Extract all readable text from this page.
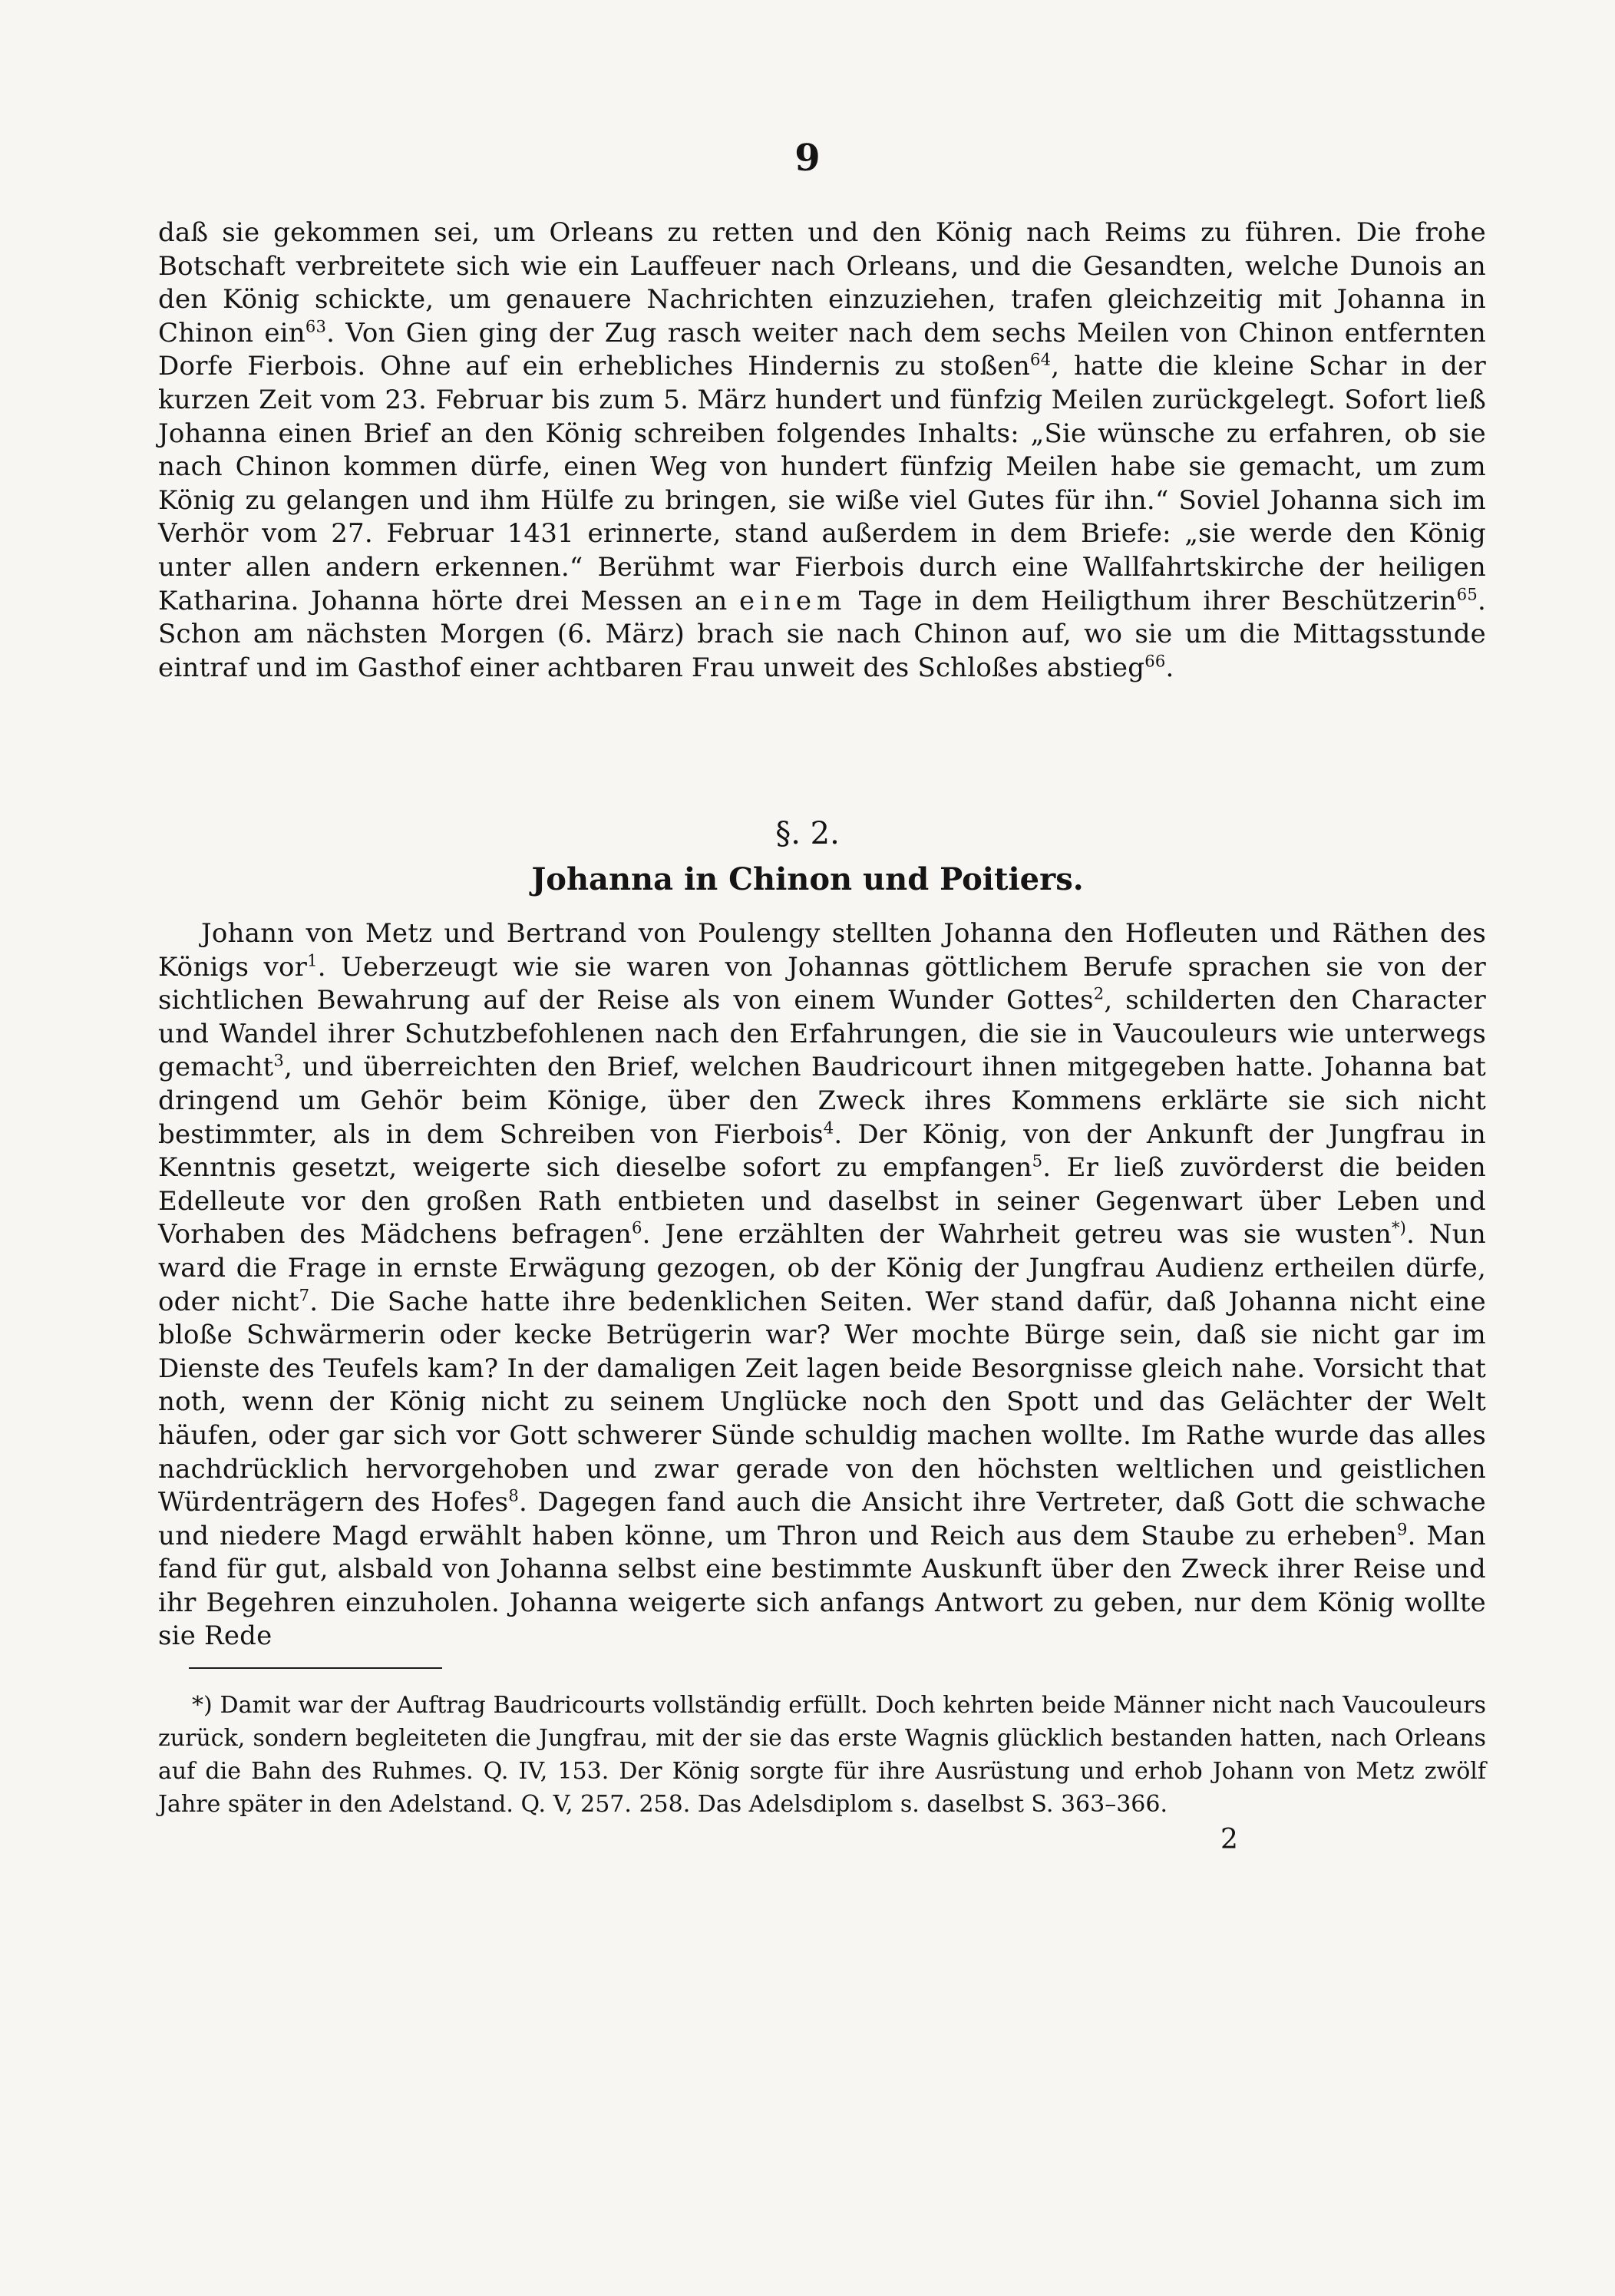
9

daß sie gekommen sei, um Orleans zu retten und den König nach Reims zu führen. Die frohe Botschaft verbreitete sich wie ein Lauffeuer nach Orleans, und die Gesandten, welche Dunois an den König schickte, um genauere Nachrichten einzuziehen, trafen gleichzeitig mit Johanna in Chinon ein$^{63}$. Von Gien ging der Zug rasch weiter nach dem sechs Meilen von Chinon entfernten Dorfe Fierbois. Ohne auf ein erhebliches Hindernis zu stoßen$^{64}$, hatte die kleine Schar in der kurzen Zeit vom 23. Februar bis zum 5. März hundert und fünfzig Meilen zurückgelegt. Sofort ließ Johanna einen Brief an den König schreiben folgendes Inhalts: „Sie wünsche zu erfahren, ob sie nach Chinon kommen dürfe, einen Weg von hundert fünfzig Meilen habe sie gemacht, um zum König zu gelangen und ihm Hülfe zu bringen, sie wiße viel Gutes für ihn.“ Soviel Johanna sich im Verhör vom 27. Februar 1431 erinnerte, stand außerdem in dem Briefe: „sie werde den König unter allen andern erkennen.“ Berühmt war Fierbois durch eine Wallfahrtskirche der heiligen Katharina. Johanna hörte drei Messen an einem Tage in dem Heiligthum ihrer Beschützerin$^{65}$. Schon am nächsten Morgen (6. März) brach sie nach Chinon auf, wo sie um die Mittagsstunde eintraf und im Gasthof einer achtbaren Frau unweit des Schloßes abstieg$^{66}$.

§. 2.

Johanna in Chinon und Poitiers.

Johann von Metz und Bertrand von Poulengy stellten Johanna den Hofleuten und Räthen des Königs vor$^1$. Ueberzeugt wie sie waren von Johannas göttlichem Berufe sprachen sie von der sichtlichen Bewahrung auf der Reise als von einem Wunder Gottes$^2$, schilderten den Character und Wandel ihrer Schutzbefohlenen nach den Erfahrungen, die sie in Vaucouleurs wie unterwegs gemacht$^3$, und überreichten den Brief, welchen Baudricourt ihnen mitgegeben hatte. Johanna bat dringend um Gehör beim Könige, über den Zweck ihres Kommens erklärte sie sich nicht bestimmter, als in dem Schreiben von Fierbois$^4$. Der König, von der Ankunft der Jungfrau in Kenntnis gesetzt, weigerte sich dieselbe sofort zu empfangen$^5$. Er ließ zuvörderst die beiden Edelleute vor den großen Rath entbieten und daselbst in seiner Gegenwart über Leben und Vorhaben des Mädchens befragen$^6$. Jene erzählten der Wahrheit getreu was sie wusten*). Nun ward die Frage in ernste Erwägung gezogen, ob der König der Jungfrau Audienz ertheilen dürfe, oder nicht$^7$. Die Sache hatte ihre bedenklichen Seiten. Wer stand dafür, daß Johanna nicht eine bloße Schwärmerin oder kecke Betrügerin war? Wer mochte Bürge sein, daß sie nicht gar im Dienste des Teufels kam? In der damaligen Zeit lagen beide Besorgnisse gleich nahe. Vorsicht that noth, wenn der König nicht zu seinem Unglücke noch den Spott und das Gelächter der Welt häufen, oder gar sich vor Gott schwerer Sünde schuldig machen wollte. Im Rathe wurde das alles nachdrücklich hervorgehoben und zwar gerade von den höchsten weltlichen und geistlichen Würdenträgern des Hofes$^8$. Dagegen fand auch die Ansicht ihre Vertreter, daß Gott die schwache und niedere Magd erwählt haben könne, um Thron und Reich aus dem Staube zu erheben$^9$. Man fand für gut, alsbald von Johanna selbst eine bestimmte Auskunft über den Zweck ihrer Reise und ihr Begehren einzuholen. Johanna weigerte sich anfangs Antwort zu geben, nur dem König wollte sie Rede

*) Damit war der Auftrag Baudricourts vollständig erfüllt. Doch kehrten beide Männer nicht nach Vaucouleurs zurück, sondern begleiteten die Jungfrau, mit der sie das erste Wagnis glücklich bestanden hatten, nach Orleans auf die Bahn des Ruhmes. Q. IV, 153. Der König sorgte für ihre Ausrüstung und erhob Johann von Metz zwölf Jahre später in den Adelstand. Q. V, 257. 258. Das Adelsdiplom s. daselbst S. 363–366.

2
